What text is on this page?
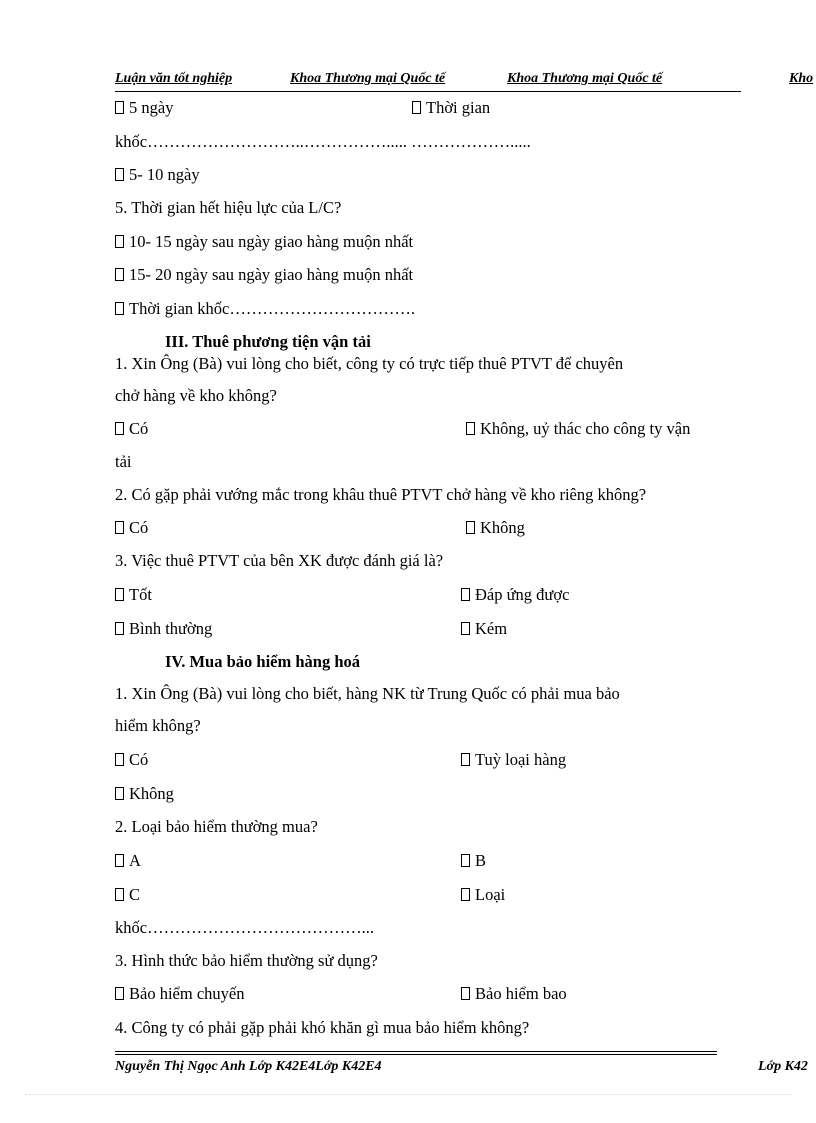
Luận văn tốt nghiệp	Khoa Thương mại Quốc tế	Khoa Thương mại Quốc tế	Kho
5 ngày	Thời gian
khốc………………………..……………..... ……………….....
5- 10 ngày
5. Thời gian hết hiệu lực của L/C?
10- 15 ngày sau ngày giao hàng muộn nhất
15- 20 ngày sau ngày giao hàng muộn nhất
Thời gian khốc…………………………….
III. Thuê phương tiện vận tải
1. Xin Ông (Bà) vui lòng cho biết, công ty có trực tiếp thuê PTVT để chuyên
chở hàng về kho không?
Có	Không, uỷ thác cho công ty vận
tải
2. Có gặp phải vướng mắc trong khâu thuê PTVT chở hàng về kho riêng không?
Có	Không
3. Việc thuê PTVT của bên XK được đánh giá là?
Tốt	Đáp ứng được
Bình thường	Kém
IV. Mua bảo hiểm hàng hoá
1. Xin Ông (Bà) vui lòng cho biết, hàng NK từ Trung Quốc có phải mua bảo
hiểm không?
Có	Tuỳ loại hàng
Không
2. Loại bảo hiểm thường mua?
A	B
C	Loại
khốc…………………………………...
3. Hình thức bảo hiểm thường sử dụng?
Bảo hiểm chuyến	Bảo hiểm bao
4. Công ty có phải gặp phải khó khăn gì mua bảo hiểm không?
Nguyễn Thị Ngọc Anh Lớp K42E4Lớp K42E4	Lớp K42
